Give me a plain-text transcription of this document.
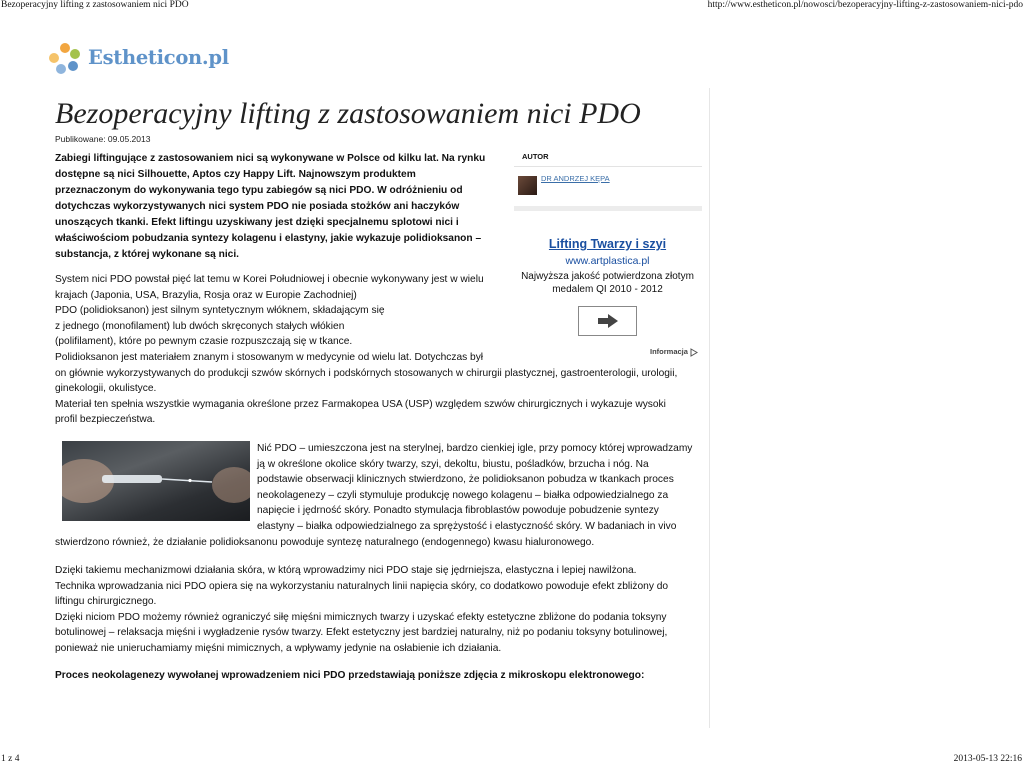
Bezoperacyjny lifting z zastosowaniem nici PDO	http://www.estheticon.pl/nowosci/bezoperacyjny-lifting-z-zastosowaniem-nici-pdo
Estheticon.pl
Bezoperacyjny lifting z zastosowaniem nici PDO
Publikowane: 09.05.2013
Zabiegi liftingujące z zastosowaniem nici są wykonywane w Polsce od kilku lat. Na rynku
dostępne są nici Silhouette, Aptos czy Happy Lift. Najnowszym produktem
przeznaczonym do wykonywania tego typu zabiegów są nici PDO. W odróżnieniu od
dotychczas wykorzystywanych nici system PDO nie posiada stożków ani haczyków
unoszących tkanki. Efekt liftingu uzyskiwany jest dzięki specjalnemu splotowi nici i
właściwościom pobudzania syntezy kolagenu i elastyny, jakie wykazuje polidioksanon –
substancja, z której wykonane są nici.
System nici PDO powstał pięć lat temu w Korei Południowej i obecnie wykonywany jest w wielu
krajach (Japonia, USA, Brazylia, Rosja oraz w Europie Zachodniej)
PDO (polidioksanon) jest silnym syntetycznym włóknem, składającym się
z jednego (monofilament) lub dwóch skręconych stałych włókien
(polifilament), które po pewnym czasie rozpuszczają się w tkance.
Polidioksanon jest materiałem znanym i stosowanym w medycynie od wielu lat. Dotychczas był
on głównie wykorzystywanych do produkcji szwów skórnych i podskórnych stosowanych w chirurgii plastycznej, gastroenterologii, urologii,
ginekologii, okulistyce.
Materiał ten spełnia wszystkie wymagania określone przez Farmakopea USA (USP) względem szwów chirurgicznych i wykazuje wysoki
profil bezpieczeństwa.
Nić PDO – umieszczona jest na sterylnej, bardzo cienkiej igle, przy pomocy której wprowadzamy
ją w określone okolice skóry twarzy, szyi, dekoltu, biustu, pośladków, brzucha i nóg. Na
podstawie obserwacji klinicznych stwierdzono, że polidioksanon pobudza w tkankach proces
neokolagenezy – czyli stymuluje produkcję nowego kolagenu – białka odpowiedzialnego za
napięcie i jędrność skóry. Ponadto stymulacja fibroblastów powoduje pobudzenie syntezy
elastyny – białka odpowiedzialnego za sprężystość i elastyczność skóry. W badaniach in vivo
stwierdzono również, że działanie polidioksanonu powoduje syntezę naturalnego (endogennego) kwasu hialuronowego.
Dzięki takiemu mechanizmowi działania skóra, w którą wprowadzimy nici PDO staje się jędrniejsza, elastyczna i lepiej nawilżona.
Technika wprowadzania nici PDO opiera się na wykorzystaniu naturalnych linii napięcia skóry, co dodatkowo powoduje efekt zbliżony do
liftingu chirurgicznego.
Dzięki niciom PDO możemy również ograniczyć siłę mięśni mimicznych twarzy i uzyskać efekty estetyczne zbliżone do podania toksyny
botulinowej – relaksacja mięśni i wygładzenie rysów twarzy. Efekt estetyczny jest bardziej naturalny, niż po podaniu toksyny botulinowej,
ponieważ nie unieruchamiamy mięśni mimicznych, a wpływamy jedynie na osłabienie ich działania.
Proces neokolagenezy wywołanej wprowadzeniem nici PDO przedstawiają poniższe zdjęcia z mikroskopu elektronowego:
AUTOR
DR ANDRZEJ KĘPA
Lifting Twarzy i szyi
www.artplastica.pl
Najwyższa jakość potwierdzona złotym
medalem QI 2010 - 2012
Informacja
1 z 4	2013-05-13 22:16
